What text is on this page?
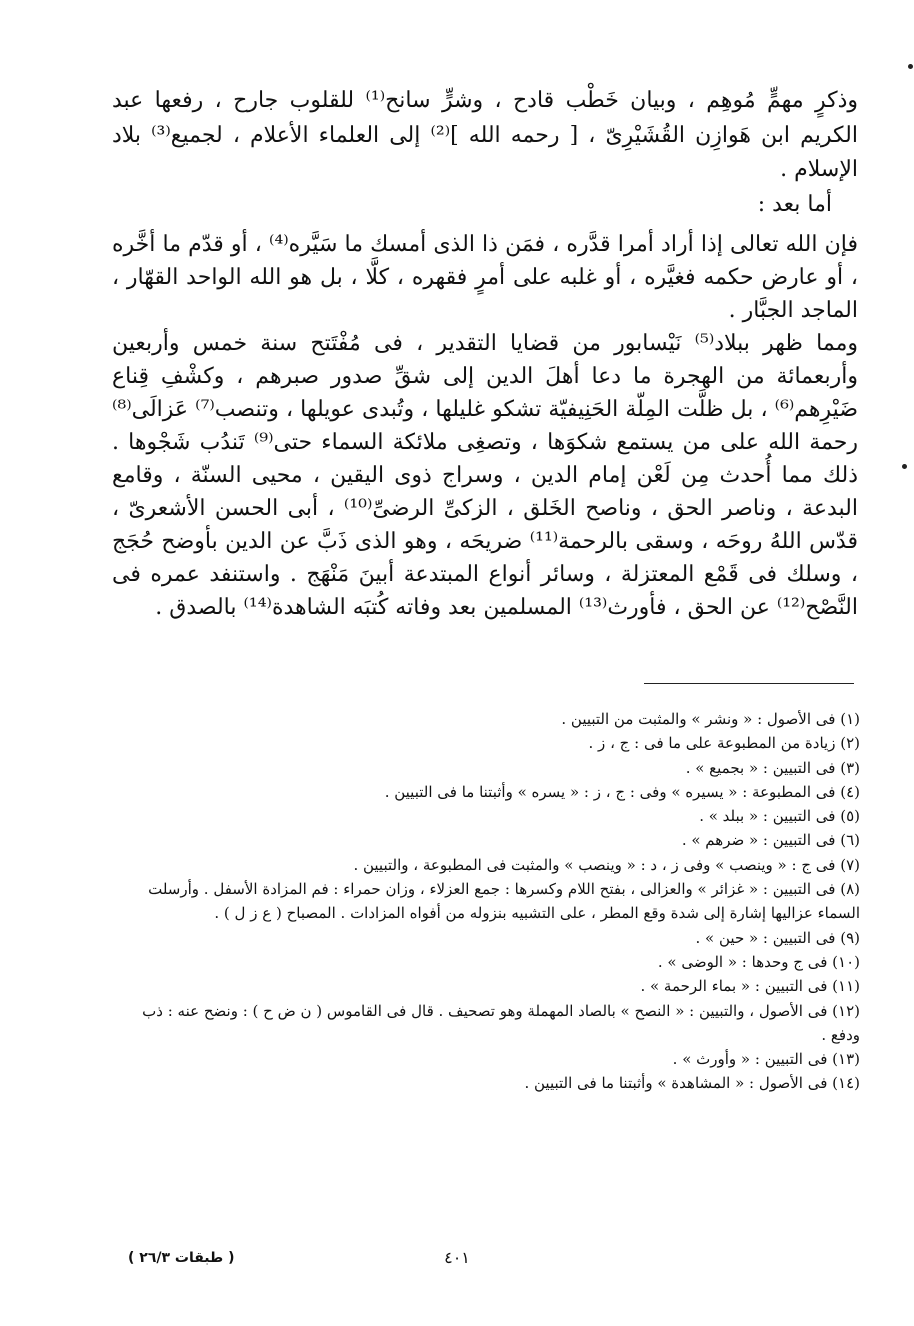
وذكرٍ مهمٍّ مُوهِم ، وبيان خَطْب قادح ، وشرٍّ سانح⁽¹⁾ للقلوب جارح ، رفعها عبد الكريم ابن هَوازِن القُشَيْرِىّ ، [ رحمه الله ]⁽²⁾ إلى العلماء الأعلام ، لجميع⁽³⁾ بلاد الإسلام .

أما بعد :

فإن الله تعالى إذا أراد أمرا قدَّره ، فمَن ذا الذى أمسك ما سَيَّره⁽⁴⁾ ، أو قدّم ما أخَّره ، أو عارض حكمه فغيَّره ، أو غلبه على أمرٍ فقهره ، كلَّا ، بل هو الله الواحد القهّار ، الماجد الجبَّار .

ومما ظهر ببلاد⁽⁵⁾ نَيْسابور من قضايا التقدير ، فى مُفْتَتح سنة خمس وأربعين وأربعمائة من الهجرة ما دعا أهلَ الدين إلى شقِّ صدور صبرهم ، وكشْفِ قِناع ضَيْرِهم⁽⁶⁾ ، بل ظلَّت المِلّة الحَنِيفيّة تشكو غليلها ، وتُبدى عويلها ، وتنصب⁽⁷⁾ عَزالَى⁽⁸⁾ رحمة الله على من يستمع شكوَها ، وتصغِى ملائكة السماء حتى⁽⁹⁾ تَندُب شَجْوها . ذلك مما أُحدث مِن لَعْن إمام الدين ، وسراج ذوى اليقين ، محيى السنّة ، وقامع البدعة ، وناصر الحق ، وناصح الخَلق ، الزكىِّ الرضىِّ⁽¹⁰⁾ ، أبى الحسن الأشعرىّ ، قدّس اللهُ روحَه ، وسقى بالرحمة⁽¹¹⁾ ضريحَه ، وهو الذى ذَبَّ عن الدين بأوضح حُجَج ، وسلك فى قَمْع المعتزلة ، وسائر أنواع المبتدعة أبينَ مَنْهَج . واستنفد عمره فى النَّصْح⁽¹²⁾ عن الحق ، فأورث⁽¹³⁾ المسلمين بعد وفاته كُتبَه الشاهدة⁽¹⁴⁾ بالصدق .

(١) فى الأصول : « ونشر » والمثبت من التبيين .

(٢) زيادة من المطبوعة على ما فى : ج ، ز .

(٣) فى التبيين : « بجميع » .

(٤) فى المطبوعة : « يسيره » وفى : ج ، ز : « يسره » وأثبتنا ما فى التبيين .

(٥) فى التبيين : « ببلد » .

(٦) فى التبيين : « ضرهم » .

(٧) فى ج : « وينصب » وفى ز ، د : « وينصب » والمثبت فى المطبوعة ، والتبيين .

(٨) فى التبيين : « غزائر » والعزالى ، بفتح اللام وكسرها : جمع العزلاء ، وزان حمراء : فم المزادة الأسفل . وأرسلت السماء عزاليها إشارة إلى شدة وقع المطر ، على التشبيه بنزوله من أفواه المزادات . المصباح ( ع ز ل ) .

(٩) فى التبيين : « حين » .

(١٠) فى ج وحدها : « الوضى » .

(١١) فى التبيين : « بماء الرحمة » .

(١٢) فى الأصول ، والتبيين : « النصح » بالصاد المهملة وهو تصحيف . قال فى القاموس ( ن ض ح ) : ونضح عنه : ذب ودفع .

(١٣) فى التبيين : « وأورث » .

(١٤) فى الأصول : « المشاهدة » وأثبتنا ما فى التبيين .

( طبقات ٢٦/٣ )	٤٠١
